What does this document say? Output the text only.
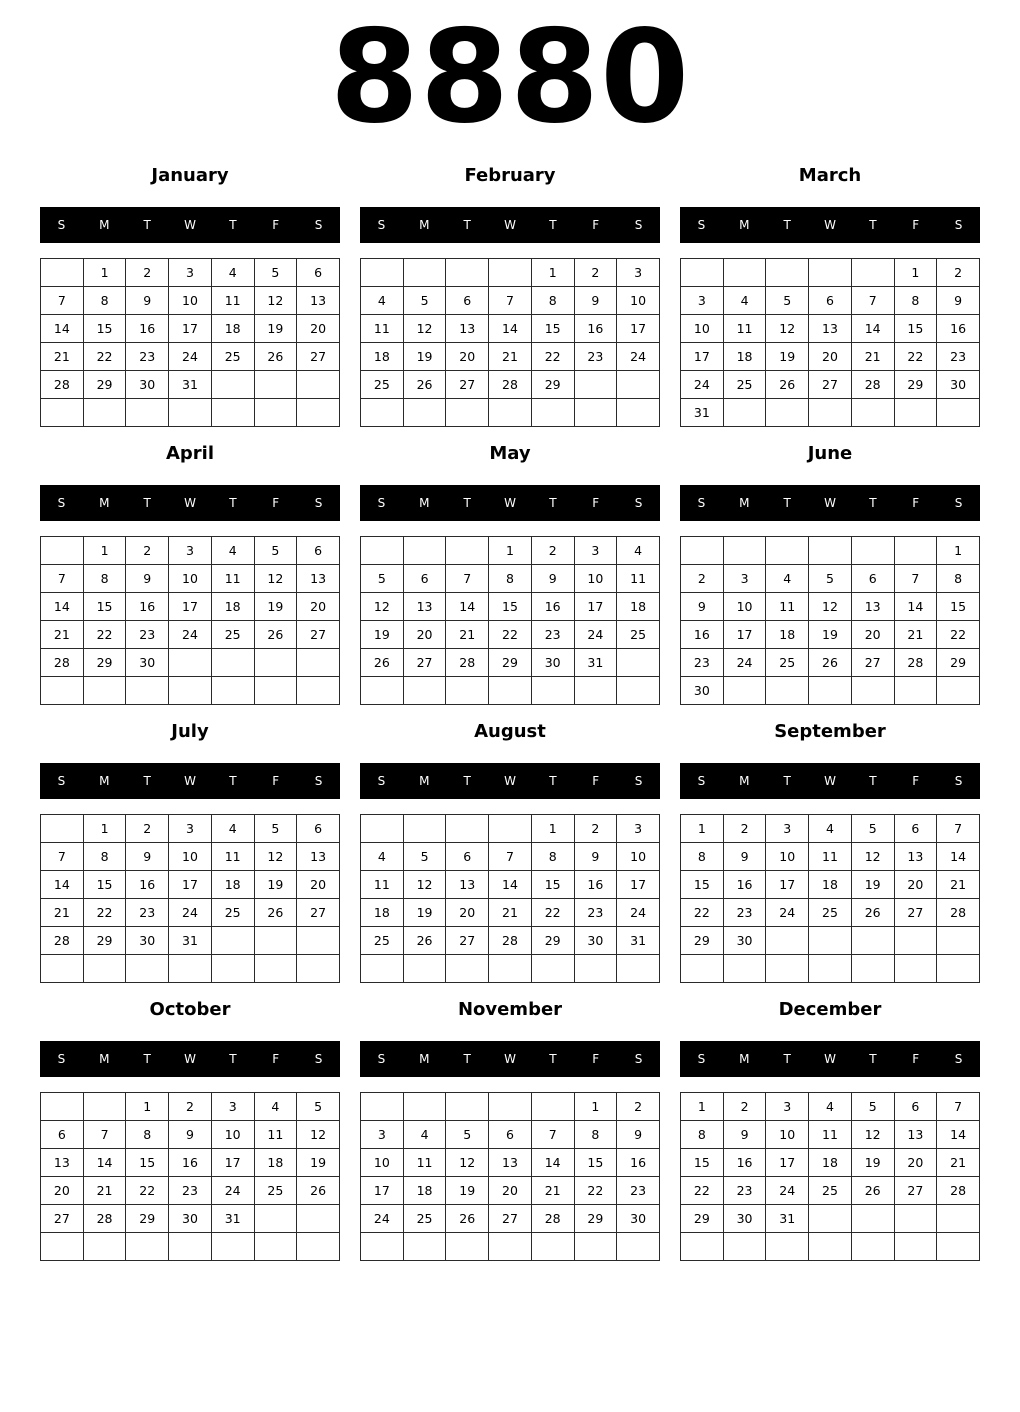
8880
January
S	M	T	W	T	F	S
	1	2	3	4	5	6
7	8	9	10	11	12	13
14	15	16	17	18	19	20
21	22	23	24	25	26	27
28	29	30	31			

February
S	M	T	W	T	F	S
				1	2	3
4	5	6	7	8	9	10
11	12	13	14	15	16	17
18	19	20	21	22	23	24
25	26	27	28	29		

March
S	M	T	W	T	F	S
					1	2
3	4	5	6	7	8	9
10	11	12	13	14	15	16
17	18	19	20	21	22	23
24	25	26	27	28	29	30
31						
April
S	M	T	W	T	F	S
	1	2	3	4	5	6
7	8	9	10	11	12	13
14	15	16	17	18	19	20
21	22	23	24	25	26	27
28	29	30				

May
S	M	T	W	T	F	S
			1	2	3	4
5	6	7	8	9	10	11
12	13	14	15	16	17	18
19	20	21	22	23	24	25
26	27	28	29	30	31	

June
S	M	T	W	T	F	S
						1
2	3	4	5	6	7	8
9	10	11	12	13	14	15
16	17	18	19	20	21	22
23	24	25	26	27	28	29
30						
July
S	M	T	W	T	F	S
	1	2	3	4	5	6
7	8	9	10	11	12	13
14	15	16	17	18	19	20
21	22	23	24	25	26	27
28	29	30	31			

August
S	M	T	W	T	F	S
				1	2	3
4	5	6	7	8	9	10
11	12	13	14	15	16	17
18	19	20	21	22	23	24
25	26	27	28	29	30	31

September
S	M	T	W	T	F	S
1	2	3	4	5	6	7
8	9	10	11	12	13	14
15	16	17	18	19	20	21
22	23	24	25	26	27	28
29	30					

October
S	M	T	W	T	F	S
		1	2	3	4	5
6	7	8	9	10	11	12
13	14	15	16	17	18	19
20	21	22	23	24	25	26
27	28	29	30	31		

November
S	M	T	W	T	F	S
					1	2
3	4	5	6	7	8	9
10	11	12	13	14	15	16
17	18	19	20	21	22	23
24	25	26	27	28	29	30

December
S	M	T	W	T	F	S
1	2	3	4	5	6	7
8	9	10	11	12	13	14
15	16	17	18	19	20	21
22	23	24	25	26	27	28
29	30	31				
